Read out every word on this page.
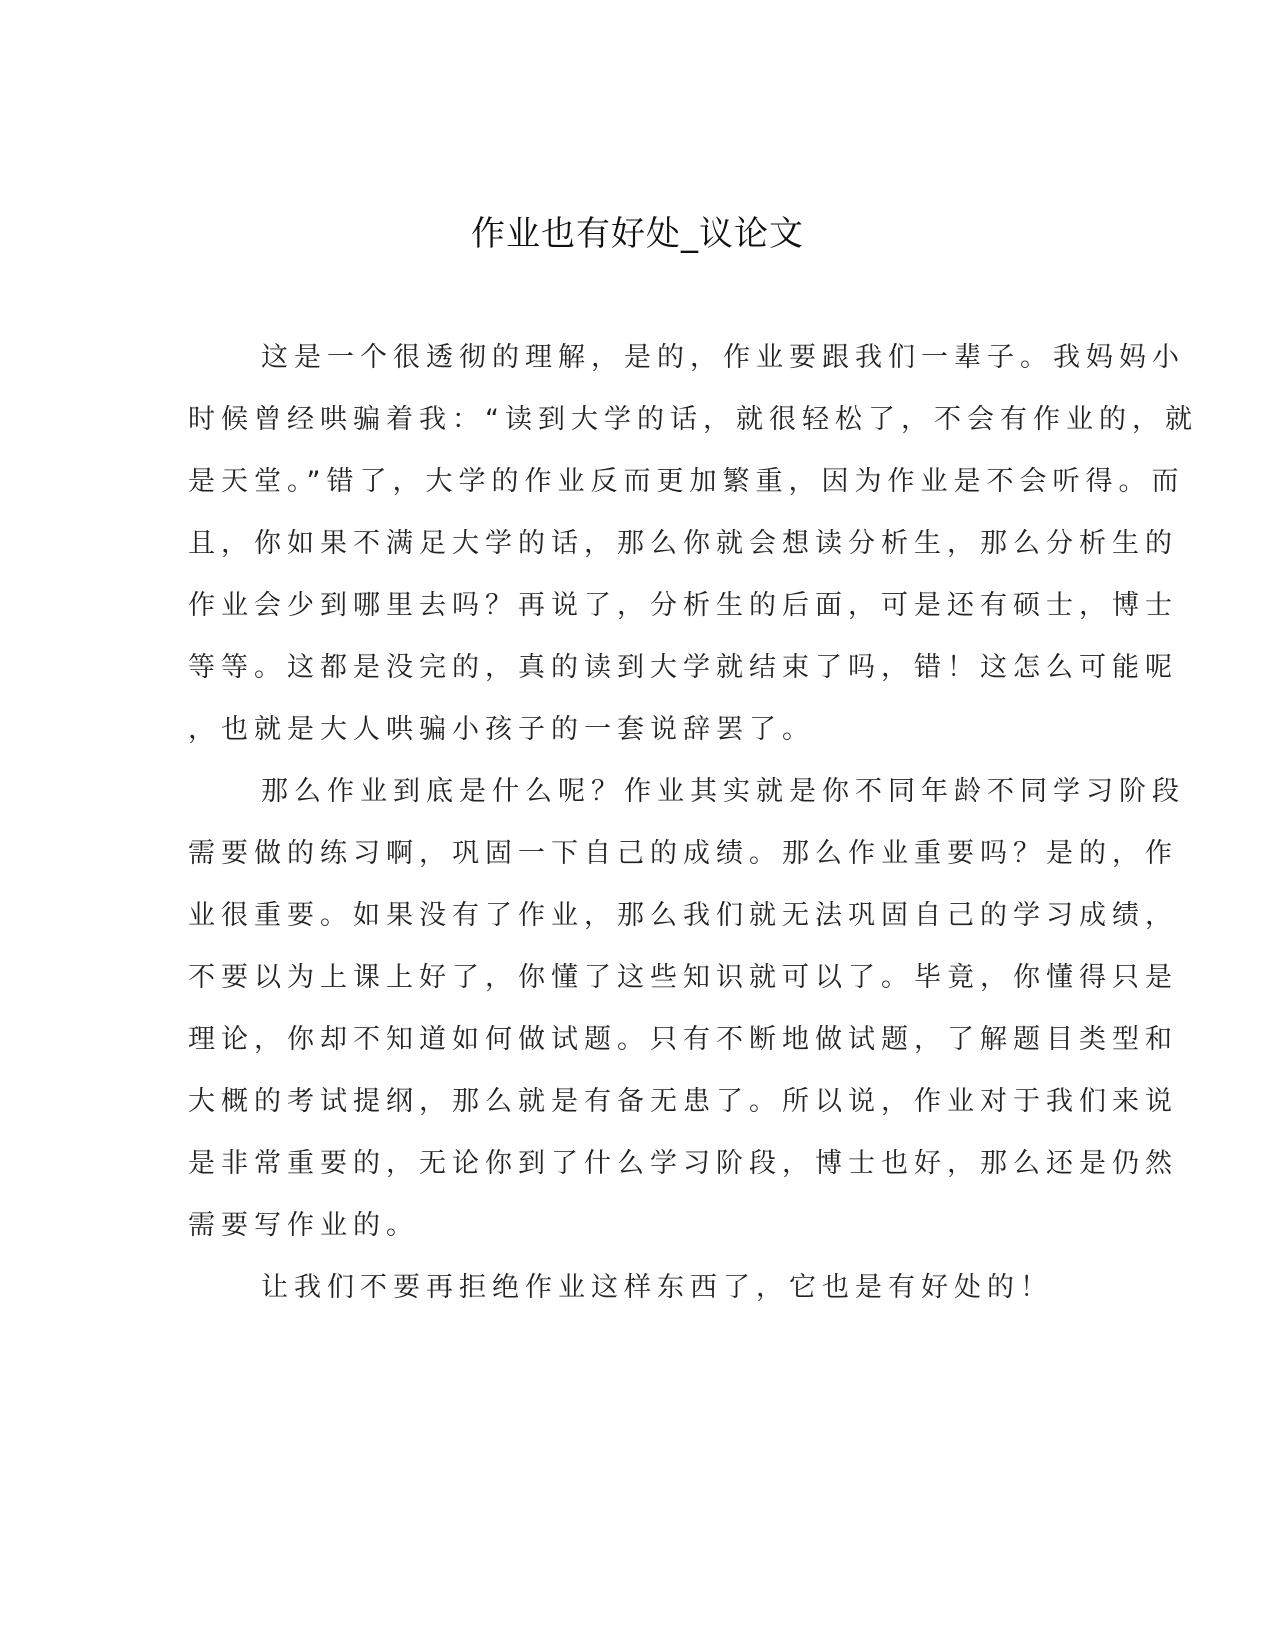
作业也有好处_议论文
这是一个很透彻的理解，是的，作业要跟我们一辈子。我妈妈小
时候曾经哄骗着我：“读到大学的话，就很轻松了，不会有作业的，就
是天堂。”错了，大学的作业反而更加繁重，因为作业是不会听得。而
且，你如果不满足大学的话，那么你就会想读分析生，那么分析生的
作业会少到哪里去吗？再说了，分析生的后面，可是还有硕士，博士
等等。这都是没完的，真的读到大学就结束了吗，错！这怎么可能呢
，也就是大人哄骗小孩子的一套说辞罢了。
那么作业到底是什么呢？作业其实就是你不同年龄不同学习阶段
需要做的练习啊，巩固一下自己的成绩。那么作业重要吗？是的，作
业很重要。如果没有了作业，那么我们就无法巩固自己的学习成绩，
不要以为上课上好了，你懂了这些知识就可以了。毕竟，你懂得只是
理论，你却不知道如何做试题。只有不断地做试题，了解题目类型和
大概的考试提纲，那么就是有备无患了。所以说，作业对于我们来说
是非常重要的，无论你到了什么学习阶段，博士也好，那么还是仍然
需要写作业的。
让我们不要再拒绝作业这样东西了，它也是有好处的！
